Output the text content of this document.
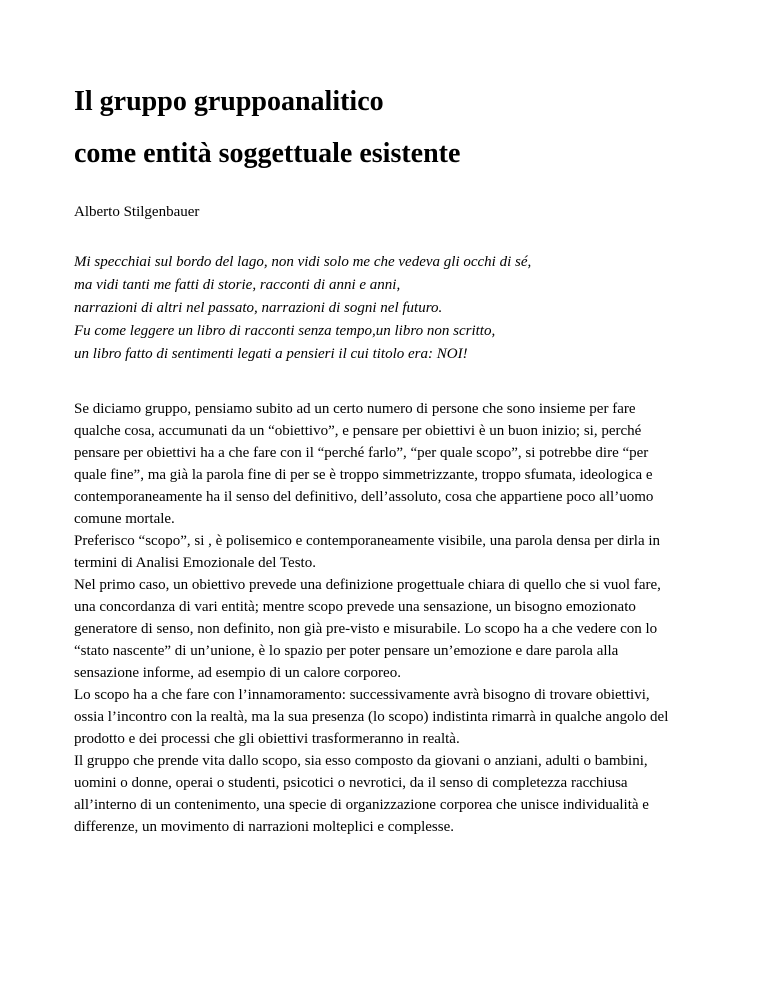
Il gruppo gruppoanalitico
come entità soggettuale esistente
Alberto Stilgenbauer
Mi specchiai sul bordo del lago, non vidi solo me che vedeva gli occhi di sé,
ma vidi tanti me fatti di storie, racconti di anni e anni,
narrazioni di altri nel passato, narrazioni di sogni nel futuro.
Fu come leggere un libro di racconti senza tempo,un libro non scritto,
un libro fatto di sentimenti legati a pensieri il cui titolo era: NOI!
Se diciamo gruppo, pensiamo subito ad un certo numero di persone che sono insieme per fare
qualche cosa, accumunati da un “obiettivo”, e pensare per obiettivi è un buon inizio; si, perché
pensare per obiettivi ha a che fare con il “perché farlo”, “per quale scopo”, si potrebbe dire “per
quale fine”, ma già la parola fine di per se è troppo simmetrizzante, troppo sfumata, ideologica e
contemporaneamente ha il senso del definitivo, dell’assoluto, cosa che appartiene poco all’uomo
comune mortale.
Preferisco “scopo”, si , è polisemico e contemporaneamente visibile, una parola densa per dirla in
termini di Analisi Emozionale del Testo.
Nel primo caso, un obiettivo prevede una definizione progettuale chiara di quello che si vuol fare,
una concordanza di vari entità; mentre scopo prevede una sensazione, un bisogno emozionato
generatore di senso, non definito, non già pre-visto e misurabile. Lo scopo ha a che vedere con lo
“stato nascente” di un’unione, è lo spazio per poter pensare un’emozione e dare parola alla
sensazione informe, ad esempio di un calore corporeo.
Lo scopo ha a che fare con l’innamoramento: successivamente avrà bisogno di trovare obiettivi,
ossia l’incontro con la realtà, ma la sua presenza (lo scopo) indistinta rimarrà in qualche angolo del
prodotto e dei processi che gli obiettivi trasformeranno in realtà.
Il gruppo che prende vita dallo scopo, sia esso composto da giovani o anziani, adulti o bambini,
uomini o donne, operai o studenti, psicotici o nevrotici, da il senso di completezza racchiusa
all’interno di un contenimento, una specie di organizzazione corporea che unisce individualità e
differenze, un movimento di narrazioni molteplici e complesse.
